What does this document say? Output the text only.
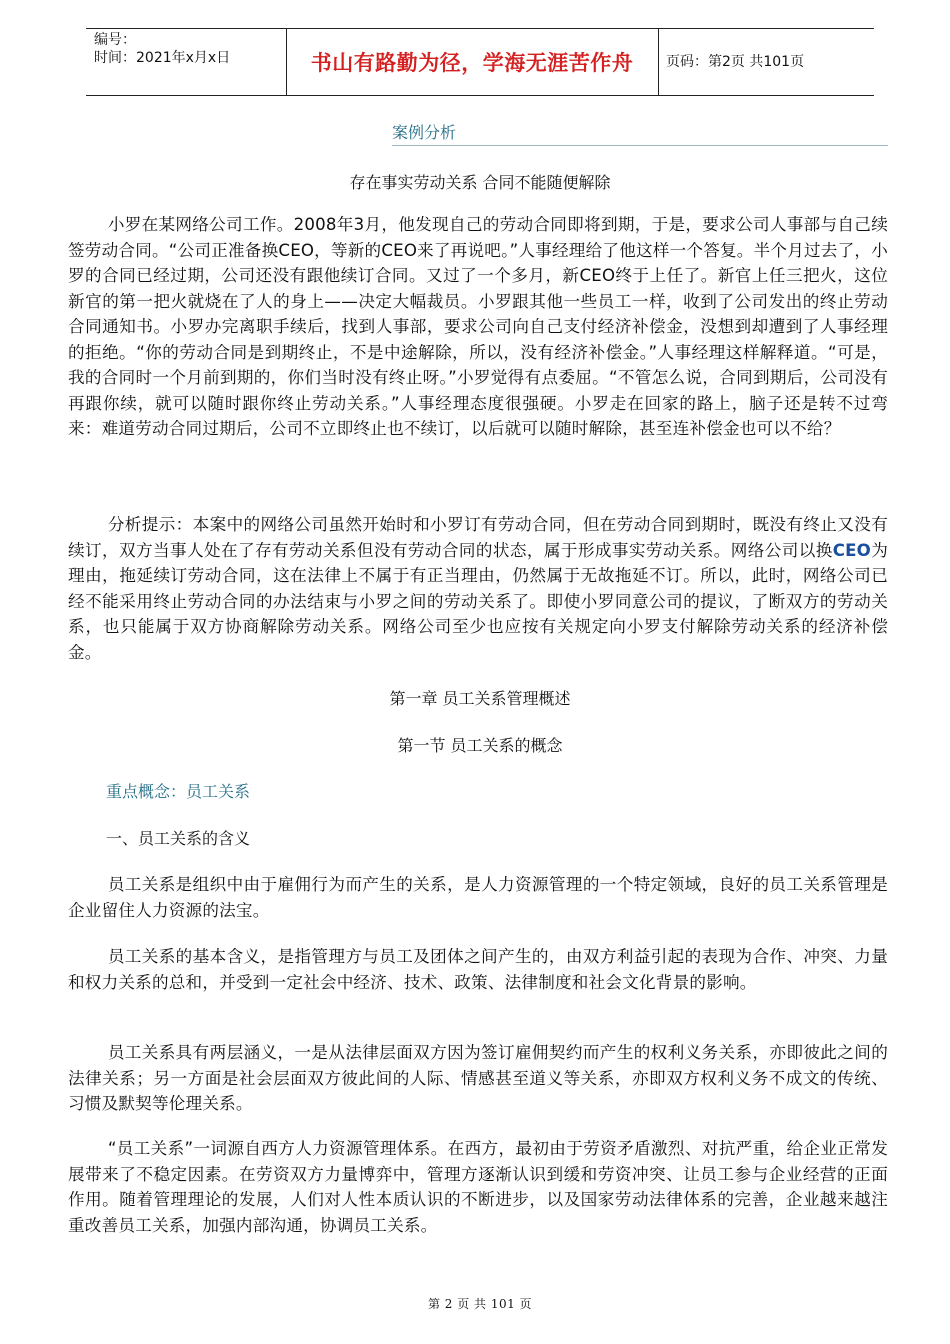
编号：
时间：2021年x月x日	书山有路勤为径，学海无涯苦作舟	页码：第2页 共101页
案例分析
存在事实劳动关系 合同不能随便解除
小罗在某网络公司工作。2008年3月，他发现自己的劳动合同即将到期，于是，要求公司人事部与自己续签劳动合同。“公司正准备换CEO，等新的CEO来了再说吧。”人事经理给了他这样一个答复。半个月过去了，小罗的合同已经过期，公司还没有跟他续订合同。又过了一个多月，新CEO终于上任了。新官上任三把火，这位新官的第一把火就烧在了人的身上——决定大幅裁员。小罗跟其他一些员工一样，收到了公司发出的终止劳动合同通知书。小罗办完离职手续后，找到人事部，要求公司向自己支付经济补偿金，没想到却遭到了人事经理的拒绝。“你的劳动合同是到期终止，不是中途解除，所以，没有经济补偿金。”人事经理这样解释道。“可是，我的合同时一个月前到期的，你们当时没有终止呀。”小罗觉得有点委屈。“不管怎么说，合同到期后，公司没有再跟你续，就可以随时跟你终止劳动关系。”人事经理态度很强硬。小罗走在回家的路上，脑子还是转不过弯来：难道劳动合同过期后，公司不立即终止也不续订，以后就可以随时解除，甚至连补偿金也可以不给？
分析提示：本案中的网络公司虽然开始时和小罗订有劳动合同，但在劳动合同到期时，既没有终止又没有续订，双方当事人处在了存有劳动关系但没有劳动合同的状态，属于形成事实劳动关系。网络公司以换CEO为理由，拖延续订劳动合同，这在法律上不属于有正当理由，仍然属于无故拖延不订。所以，此时，网络公司已经不能采用终止劳动合同的办法结束与小罗之间的劳动关系了。即使小罗同意公司的提议，了断双方的劳动关系，也只能属于双方协商解除劳动关系。网络公司至少也应按有关规定向小罗支付解除劳动关系的经济补偿金。
第一章 员工关系管理概述
第一节 员工关系的概念
重点概念：员工关系
一、员工关系的含义
员工关系是组织中由于雇佣行为而产生的关系，是人力资源管理的一个特定领域，良好的员工关系管理是企业留住人力资源的法宝。
员工关系的基本含义，是指管理方与员工及团体之间产生的，由双方利益引起的表现为合作、冲突、力量和权力关系的总和，并受到一定社会中经济、技术、政策、法律制度和社会文化背景的影响。
员工关系具有两层涵义，一是从法律层面双方因为签订雇佣契约而产生的权利义务关系，亦即彼此之间的法律关系；另一方面是社会层面双方彼此间的人际、情感甚至道义等关系，亦即双方权利义务不成文的传统、习惯及默契等伦理关系。
“员工关系”一词源自西方人力资源管理体系。在西方，最初由于劳资矛盾激烈、对抗严重，给企业正常发展带来了不稳定因素。在劳资双方力量博弈中，管理方逐渐认识到缓和劳资冲突、让员工参与企业经营的正面作用。随着管理理论的发展，人们对人性本质认识的不断进步，以及国家劳动法律体系的完善，企业越来越注重改善员工关系，加强内部沟通，协调员工关系。
第 2 页 共 101 页
